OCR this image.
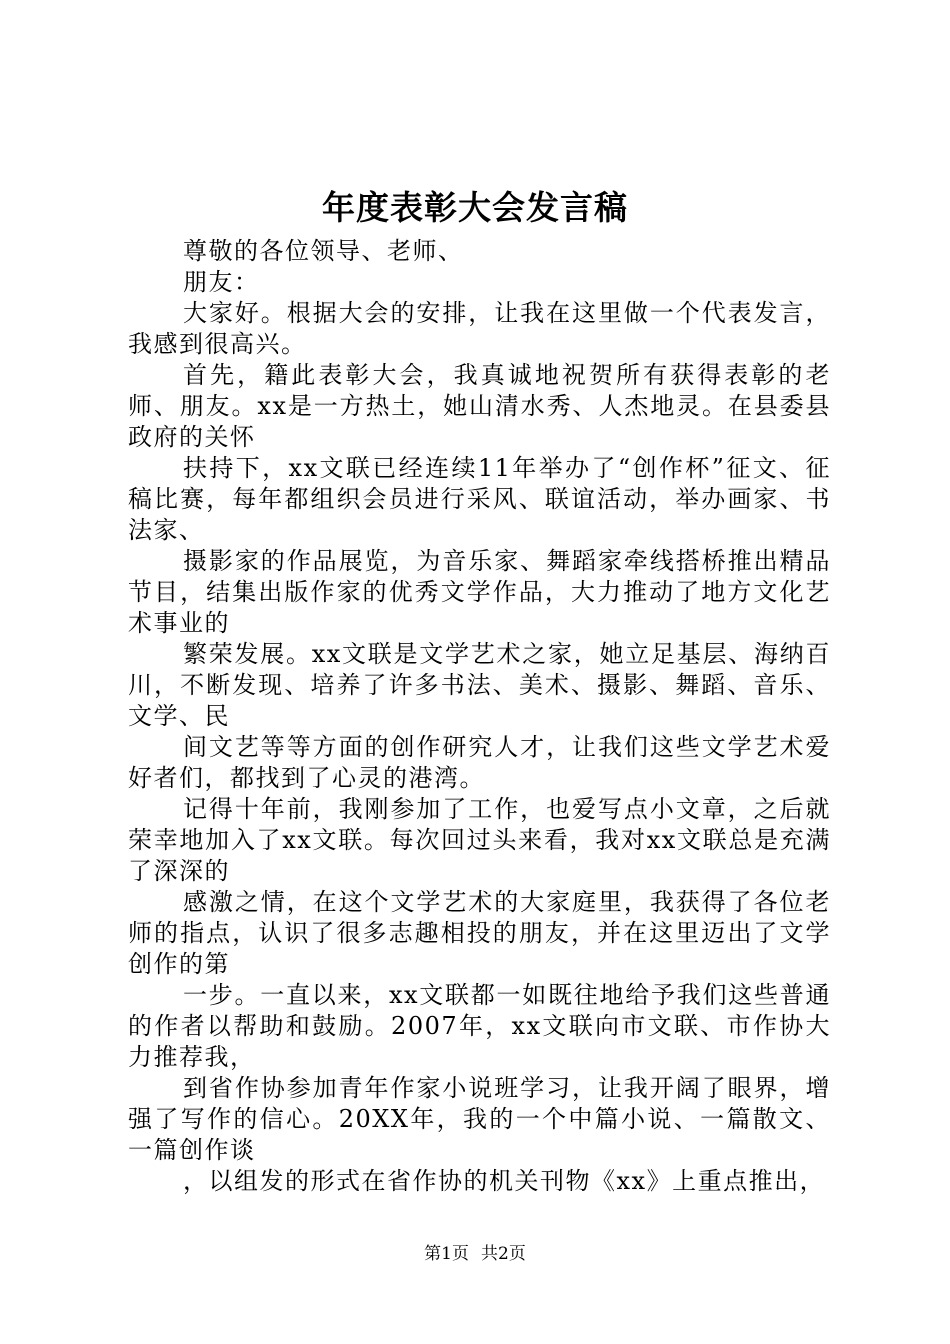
年度表彰大会发言稿

尊敬的各位领导、老师、

朋友：

大家好。根据大会的安排，让我在这里做一个代表发言，我感到很高兴。

首先，籍此表彰大会，我真诚地祝贺所有获得表彰的老师、朋友。xx是一方热土，她山清水秀、人杰地灵。在县委县政府的关怀

扶持下，xx文联已经连续11年举办了“创作杯”征文、征稿比赛，每年都组织会员进行采风、联谊活动，举办画家、书法家、

摄影家的作品展览，为音乐家、舞蹈家牵线搭桥推出精品节目，结集出版作家的优秀文学作品，大力推动了地方文化艺术事业的

繁荣发展。xx文联是文学艺术之家，她立足基层、海纳百川，不断发现、培养了许多书法、美术、摄影、舞蹈、音乐、文学、民

间文艺等等方面的创作研究人才，让我们这些文学艺术爱好者们，都找到了心灵的港湾。

记得十年前，我刚参加了工作，也爱写点小文章，之后就荣幸地加入了xx文联。每次回过头来看，我对xx文联总是充满了深深的

感激之情，在这个文学艺术的大家庭里，我获得了各位老师的指点，认识了很多志趣相投的朋友，并在这里迈出了文学创作的第

一步。一直以来，xx文联都一如既往地给予我们这些普通的作者以帮助和鼓励。2007年，xx文联向市文联、市作协大力推荐我，

到省作协参加青年作家小说班学习，让我开阔了眼界，增强了写作的信心。20XX年，我的一个中篇小说、一篇散文、一篇创作谈

，以组发的形式在省作协的机关刊物《xx》上重点推出，

第1页 共2页
